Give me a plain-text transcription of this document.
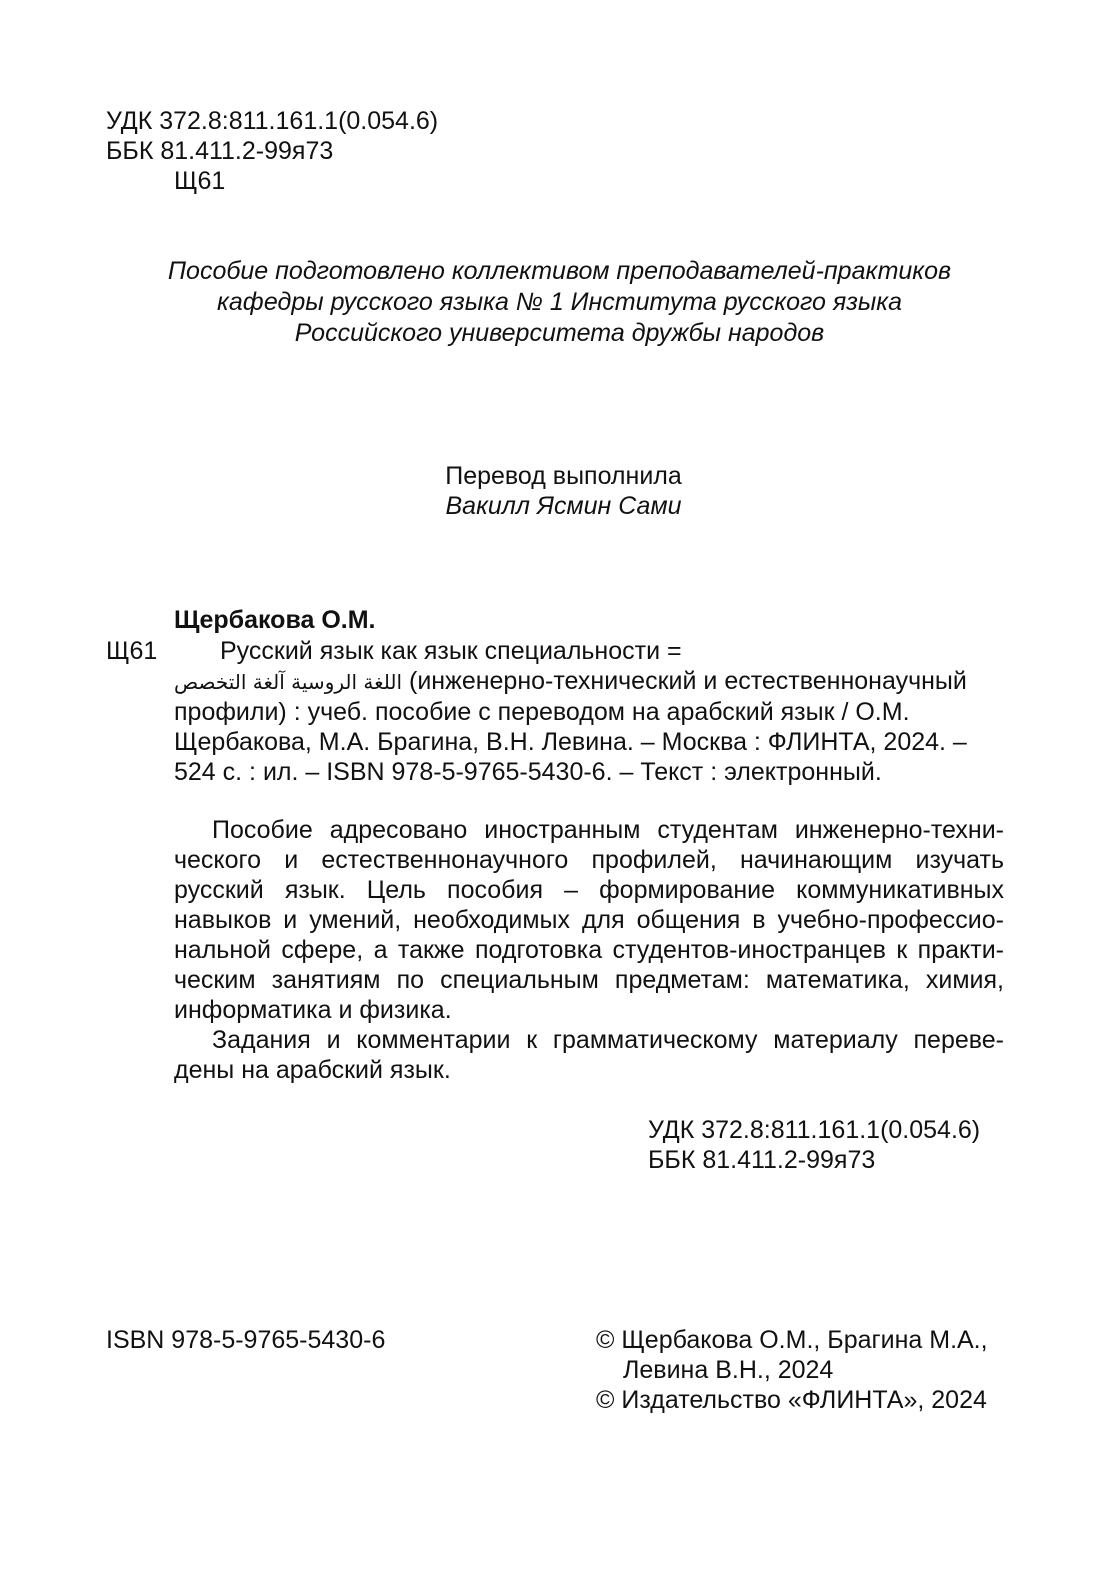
УДК 372.8:811.161.1(0.054.6)
ББК 81.411.2-99я73
Щ61
Пособие подготовлено коллективом преподавателей-практиков
кафедры русского языка № 1 Института русского языка
Российского университета дружбы народов
Перевод выполнила
Вакилл Ясмин Сами
Щербакова О.М.
Щ61	Русский язык как язык специальности =
اللغة الروسية آلغة التخصص (инженерно-технический и естественнонаучный
профили) : учеб. пособие с переводом на арабский язык / О.М.
Щербакова, М.А. Брагина, В.Н. Левина. – Москва : ФЛИНТА, 2024. –
524 с. : ил. – ISBN 978-5-9765-5430-6. – Текст : электронный.
Пособие адресовано иностранным студентам инженерно-техни-
ческого и естественнонаучного профилей, начинающим изучать
русский язык. Цель пособия – формирование коммуникативных
навыков и умений, необходимых для общения в учебно-профессио-
нальной сфере, а также подготовка студентов-иностранцев к практи-
ческим занятиям по специальным предметам: математика, химия,
информатика и физика.
Задания и комментарии к грамматическому материалу переве-
дены на арабский язык.
УДК 372.8:811.161.1(0.054.6)
ББК 81.411.2-99я73
ISBN 978-5-9765-5430-6	© Щербакова О.М., Брагина М.А.,
Левина В.Н., 2024
© Издательство «ФЛИНТА», 2024
